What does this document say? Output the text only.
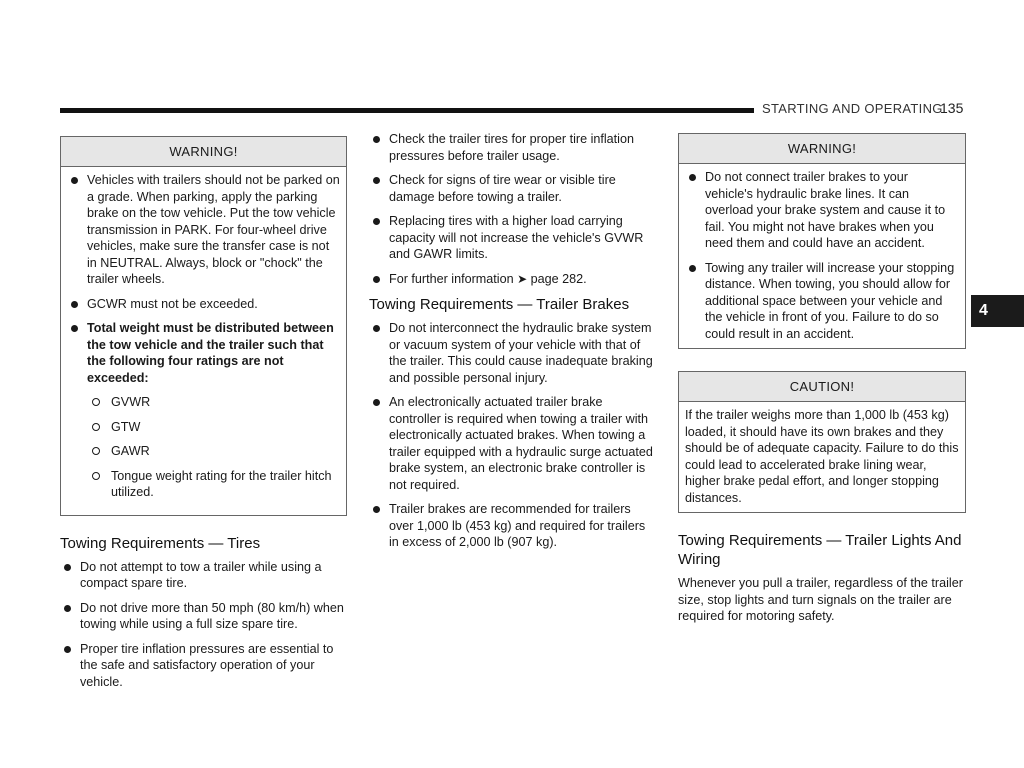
STARTING AND OPERATING
135
4
WARNING!
Vehicles with trailers should not be parked on a grade. When parking, apply the parking brake on the tow vehicle. Put the tow vehicle transmission in PARK. For four-wheel drive vehicles, make sure the transfer case is not in NEUTRAL. Always, block or "chock" the trailer wheels.
GCWR must not be exceeded.
Total weight must be distributed between the tow vehicle and the trailer such that the following four ratings are not exceeded:
GVWR
GTW
GAWR
Tongue weight rating for the trailer hitch utilized.
Towing Requirements — Tires
Do not attempt to tow a trailer while using a compact spare tire.
Do not drive more than 50 mph (80 km/h) when towing while using a full size spare tire.
Proper tire inflation pressures are essential to the safe and satisfactory operation of your vehicle.
Check the trailer tires for proper tire inflation pressures before trailer usage.
Check for signs of tire wear or visible tire damage before towing a trailer.
Replacing tires with a higher load carrying capacity will not increase the vehicle's GVWR and GAWR limits.
For further information ➤ page 282.
Towing Requirements — Trailer Brakes
Do not interconnect the hydraulic brake system or vacuum system of your vehicle with that of the trailer. This could cause inadequate braking and possible personal injury.
An electronically actuated trailer brake controller is required when towing a trailer with electronically actuated brakes. When towing a trailer equipped with a hydraulic surge actuated brake system, an electronic brake controller is not required.
Trailer brakes are recommended for trailers over 1,000 lb (453 kg) and required for trailers in excess of 2,000 lb (907 kg).
WARNING!
Do not connect trailer brakes to your vehicle's hydraulic brake lines. It can overload your brake system and cause it to fail. You might not have brakes when you need them and could have an accident.
Towing any trailer will increase your stopping distance. When towing, you should allow for additional space between your vehicle and the vehicle in front of you. Failure to do so could result in an accident.
CAUTION!

If the trailer weighs more than 1,000 lb (453 kg) loaded, it should have its own brakes and they should be of adequate capacity. Failure to do this could lead to accelerated brake lining wear, higher brake pedal effort, and longer stopping distances.

Towing Requirements — Trailer Lights And Wiring

Whenever you pull a trailer, regardless of the trailer size, stop lights and turn signals on the trailer are required for motoring safety.
